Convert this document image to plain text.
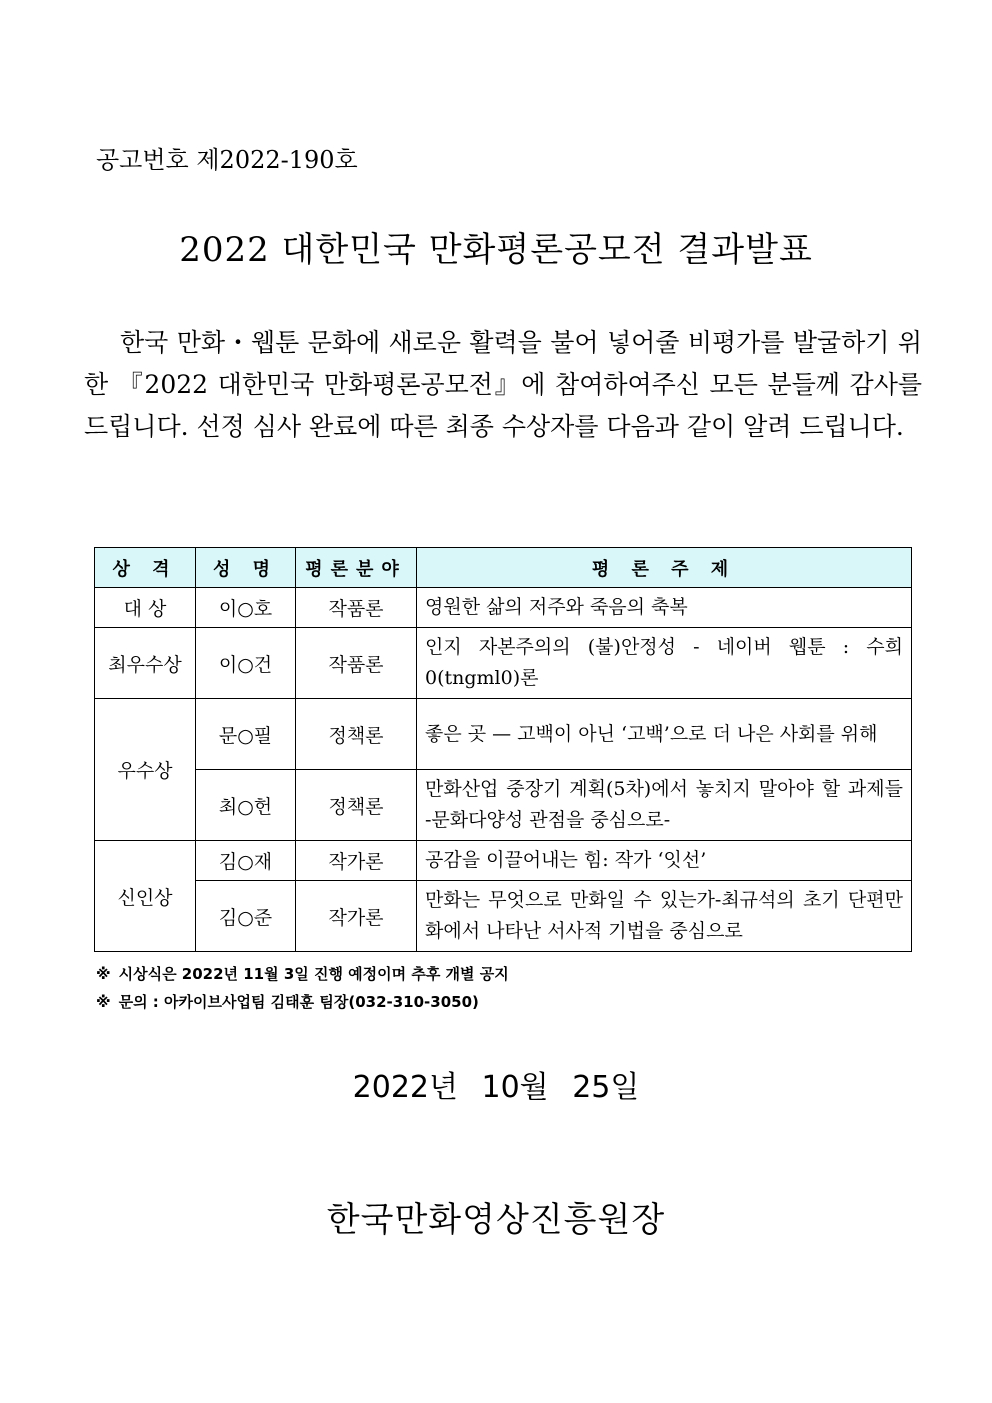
공고번호 제2022-190호
2022 대한민국 만화평론공모전 결과발표
한국 만화・웹툰 문화에 새로운 활력을 불어 넣어줄 비평가를 발굴하기 위한 『2022 대한민국 만화평론공모전』에 참여하여주신 모든 분들께 감사를 드립니다. 선정 심사 완료에 따른 최종 수상자를 다음과 같이 알려 드립니다.
상 격	성 명	평론분야	평 론 주 제
대 상	이○호	작품론	영원한 삶의 저주와 죽음의 축복
최우수상	이○건	작품론	인지 자본주의의 (불)안정성 - 네이버 웹툰 : 수희0(tngml0)론
우수상	문○필	정책론	좋은 곳 — 고백이 아닌 ‘고백’으로 더 나은 사회를 위해
	최○헌	정책론	만화산업 중장기 계획(5차)에서 놓치지 말아야 할 과제들 -문화다양성 관점을 중심으로-
신인상	김○재	작가론	공감을 이끌어내는 힘: 작가 ‘잇선’
	김○준	작가론	만화는 무엇으로 만화일 수 있는가-최규석의 초기 단편만화에서 나타난 서사적 기법을 중심으로
※ 시상식은 2022년 11월 3일 진행 예정이며 추후 개별 공지
※ 문의 : 아카이브사업팀 김태훈 팀장(032-310-3050)
2022년 10월 25일
한국만화영상진흥원장
